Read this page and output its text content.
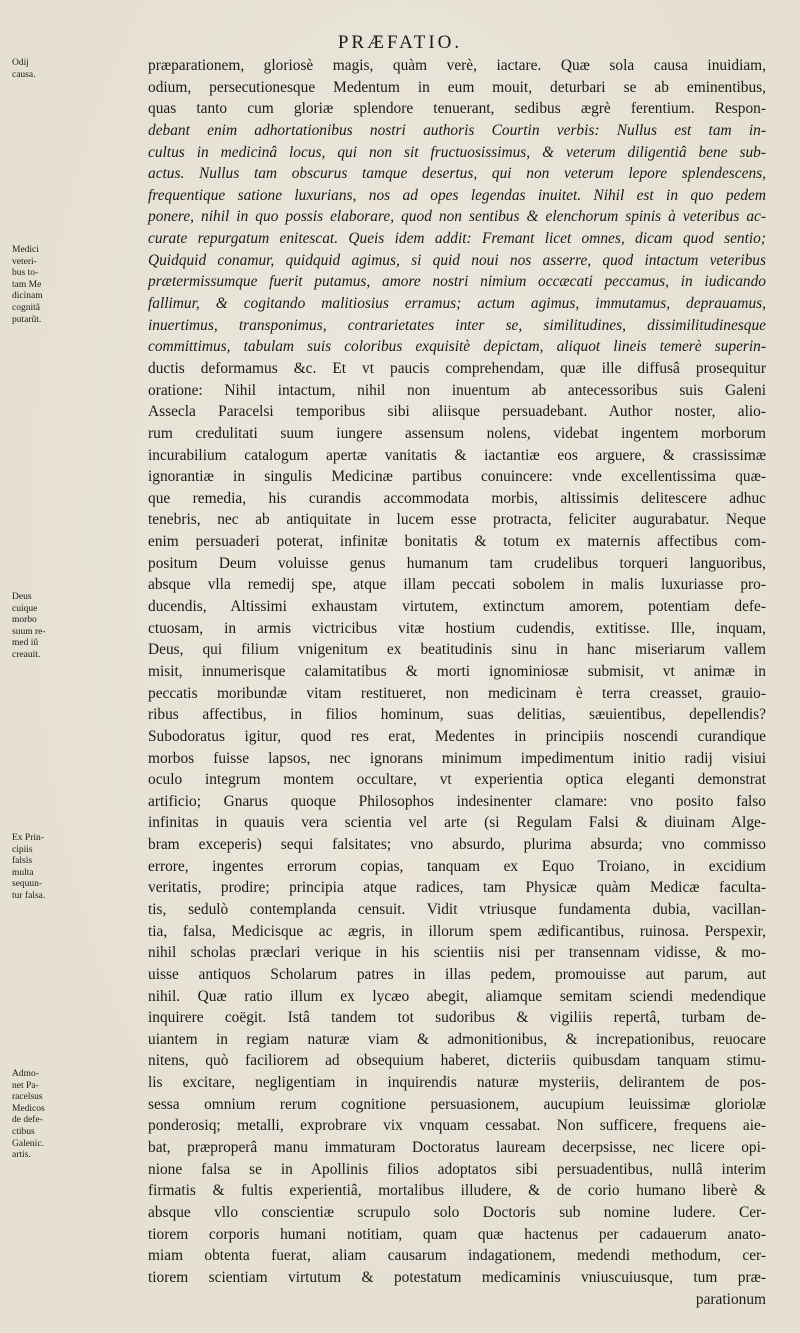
PRÆFATIO.
Odij
causa.
Medici
veteri-
bus to-
tam Me
dicinam
cognitã
putarũt.
Deus
cuique
morbo
suum re-
med iũ
creauit.
Ex Prin-
cipiis
falsis
multa
sequun-
tur falsa.
Admo-
net Pa-
racelsus
Medicos
de defe-
ctibus
Galenic.
artis.
præparationem, gloriosè magis, quàm verè, iactare. Quæ sola causa inuidiam,
odium, persecutionesque Medentum in eum mouit, deturbari se ab eminentibus,
quas tanto cum gloriæ splendore tenuerant, sedibus ægrè ferentium. Respon-
debant enim adhortationibus nostri authoris Courtin verbis: Nullus est tam in-
cultus in medicinâ locus, qui non sit fructuosissimus, & veterum diligentiâ bene sub-
actus. Nullus tam obscurus tamque desertus, qui non veterum lepore splendescens,
frequentique satione luxurians, nos ad opes legendas inuitet. Nihil est in quo pedem
ponere, nihil in quo possis elaborare, quod non sentibus & elenchorum spinis à veteribus ac-
curate repurgatum enitescat. Queis idem addit: Fremant licet omnes, dicam quod sentio;
Quidquid conamur, quidquid agimus, si quid noui nos asserre, quod intactum veteribus
prætermissumque fuerit putamus, amore nostri nimium occæcati peccamus, in iudicando
fallimur, & cogitando malitiosius erramus; actum agimus, immutamus, deprauamus,
inuertimus, transponimus, contrarietates inter se, similitudines, dissimilitudinesque
committimus, tabulam suis coloribus exquisitè depictam, aliquot lineis temerè superin-
ductis deformamus &c. Et vt paucis comprehendam, quæ ille diffusâ prosequitur
oratione: Nihil intactum, nihil non inuentum ab antecessoribus suis Galeni
Assecla Paracelsi temporibus sibi aliisque persuadebant. Author noster, alio-
rum credulitati suum iungere assensum nolens, videbat ingentem morborum
incurabilium catalogum apertæ vanitatis & iactantiæ eos arguere, & crassissimæ
ignorantiæ in singulis Medicinæ partibus conuincere: vnde excellentissima quæ-
que remedia, his curandis accommodata morbis, altissimis delitescere adhuc
tenebris, nec ab antiquitate in lucem esse protracta, feliciter augurabatur. Neque
enim persuaderi poterat, infinitæ bonitatis & totum ex maternis affectibus com-
positum Deum voluisse genus humanum tam crudelibus torqueri languoribus,
absque vlla remedij spe, atque illam peccati sobolem in malis luxuriasse pro-
ducendis, Altissimi exhaustam virtutem, extinctum amorem, potentiam defe-
ctuosam, in armis victricibus vitæ hostium cudendis, extitisse. Ille, inquam,
Deus, qui filium vnigenitum ex beatitudinis sinu in hanc miseriarum vallem
misit, innumerisque calamitatibus & morti ignominiosæ submisit, vt animæ in
peccatis moribundæ vitam restitueret, non medicinam è terra creasset, grauio-
ribus affectibus, in filios hominum, suas delitias, sæuientibus, depellendis?
Subodoratus igitur, quod res erat, Medentes in principiis noscendi curandique
morbos fuisse lapsos, nec ignorans minimum impedimentum initio radij visiui
oculo integrum montem occultare, vt experientia optica eleganti demonstrat
artificio; Gnarus quoque Philosophos indesinenter clamare: vno posito falso
infinitas in quauis vera scientia vel arte (si Regulam Falsi & diuinam Alge-
bram exceperis) sequi falsitates; vno absurdo, plurima absurda; vno commisso
errore, ingentes errorum copias, tanquam ex Equo Troiano, in excidium
veritatis, prodire; principia atque radices, tam Physicæ quàm Medicæ faculta-
tis, sedulò contemplanda censuit. Vidit vtriusque fundamenta dubia, vacillan-
tia, falsa, Medicisque ac ægris, in illorum spem ædificantibus, ruinosa. Perspexir,
nihil scholas præclari verique in his scientiis nisi per transennam vidisse, & mo-
uisse antiquos Scholarum patres in illas pedem, promouisse aut parum, aut
nihil. Quæ ratio illum ex lycæo abegit, aliamque semitam sciendi medendique
inquirere coëgit. Istâ tandem tot sudoribus & vigiliis repertâ, turbam de-
uiantem in regiam naturæ viam & admonitionibus, & increpationibus, reuocare
nitens, quò faciliorem ad obsequium haberet, dicteriis quibusdam tanquam stimu-
lis excitare, negligentiam in inquirendis naturæ mysteriis, delirantem de pos-
sessa omnium rerum cognitione persuasionem, aucupium leuissimæ gloriolæ
ponderosiq; metalli, exprobrare vix vnquam cessabat. Non sufficere, frequens aie-
bat, præproperâ manu immaturam Doctoratus lauream decerpsisse, nec licere opi-
nione falsa se in Apollinis filios adoptatos sibi persuadentibus, nullâ interim
firmatis & fultis experientiâ, mortalibus illudere, & de corio humano liberè &
absque vllo conscientiæ scrupulo solo Doctoris sub nomine ludere. Cer-
tiorem corporis humani notitiam, quam quæ hactenus per cadauerum anato-
miam obtenta fuerat, aliam causarum indagationem, medendi methodum, cer-
tiorem scientiam virtutum & potestatum medicaminis vniuscuiusque, tum præ-
parationum
